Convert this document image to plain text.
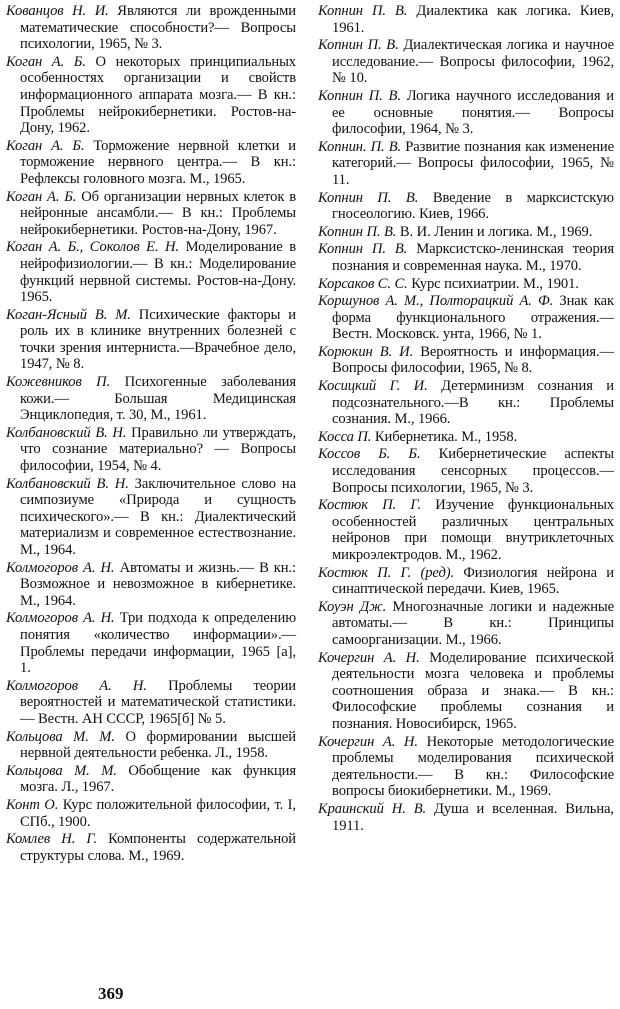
Кованцов Н. И. Являются ли врожденными математические способности?— Вопросы психологии, 1965, № 3.

Коган А. Б. О некоторых принципиальных особенностях организации и свойств информационного аппарата мозга.— В кн.: Проблемы нейрокибернетики. Ростов-на-Дону, 1962.

Коган А. Б. Торможение нервной клетки и торможение нервного центра.— В кн.: Рефлексы головного мозга. М., 1965.

Коган А. Б. Об организации нервных клеток в нейронные ансамбли.— В кн.: Проблемы нейрокибернетики. Ростов-на-Дону, 1967.

Коган А. Б., Соколов Е. Н. Моделирование в нейрофизиологии.— В кн.: Моделирование функций нервной системы. Ростов-на-Дону. 1965.

Коган-Ясный В. М. Психические факторы и роль их в клинике внутренних болезней с точки зрения интерниста.—Врачебное дело, 1947, № 8.

Кожевников П. Психогенные заболевания кожи.— Большая Медицинская Энциклопедия, т. 30, М., 1961.

Колбановский В. Н. Правильно ли утверждать, что сознание материально? — Вопросы философии, 1954, № 4.

Колбановский В. Н. Заключительное слово на симпозиуме «Природа и сущность психического».— В кн.: Диалектический материализм и современное естествознание. М., 1964.

Колмогоров А. Н. Автоматы и жизнь.— В кн.: Возможное и невозможное в кибернетике. М., 1964.

Колмогоров А. Н. Три подхода к определению понятия «количество информации».— Проблемы передачи информации, 1965 [а], 1.

Колмогоров А. Н. Проблемы теории вероятностей и математической статистики.— Вестн. АН СССР, 1965[б] № 5.

Кольцова М. М. О формировании высшей нервной деятельности ребенка. Л., 1958.

Кольцова М. М. Обобщение как функция мозга. Л., 1967.

Конт О. Курс положительной философии, т. I, СПб., 1900.

Комлев Н. Г. Компоненты содержательной структуры слова. М., 1969.

Копнин П. В. Диалектика как логика. Киев, 1961.

Копнин П. В. Диалектическая логика и научное исследование.— Вопросы философии, 1962, № 10.

Копнин П. В. Логика научного исследования и ее основные понятия.— Вопросы философии, 1964, № 3.

Копнин. П. В. Развитие познания как изменение категорий.— Вопросы философии, 1965, № 11.

Копнин П. В. Введение в марксистскую гносеологию. Киев, 1966.

Копнин П. В. В. И. Ленин и логика. М., 1969.

Копнин П. В. Марксистско-ленинская теория познания и современная наука. М., 1970.

Корсаков С. С. Курс психиатрии. М., 1901.

Коршунов А. М., Полторацкий А. Ф. Знак как форма функционального отражения.— Вестн. Московск. унта, 1966, № 1.

Корюкин В. И. Вероятность и информация.— Вопросы философии, 1965, № 8.

Косицкий Г. И. Детерминизм сознания и подсознательного.—В кн.: Проблемы сознания. М., 1966.

Косса П. Кибернетика. М., 1958.

Коссов Б. Б. Кибернетические аспекты исследования сенсорных процессов.— Вопросы психологии, 1965, № 3.

Костюк П. Г. Изучение функциональных особенностей различных центральных нейронов при помощи внутриклеточных микроэлектродов. М., 1962.

Костюк П. Г. (ред). Физиология нейрона и синаптической передачи. Киев, 1965.

Коуэн Дж. Многозначные логики и надежные автоматы.— В кн.: Принципы самоорганизации. М., 1966.

Кочергин А. Н. Моделирование психической деятельности мозга человека и проблемы соотношения образа и знака.— В кн.: Философские проблемы сознания и познания. Новосибирск, 1965.

Кочергин А. Н. Некоторые методологические проблемы моделирования психической деятельности.— В кн.: Философские вопросы биокибернетики. М., 1969.

Краинский Н. В. Душа и вселенная. Вильна, 1911.

369
